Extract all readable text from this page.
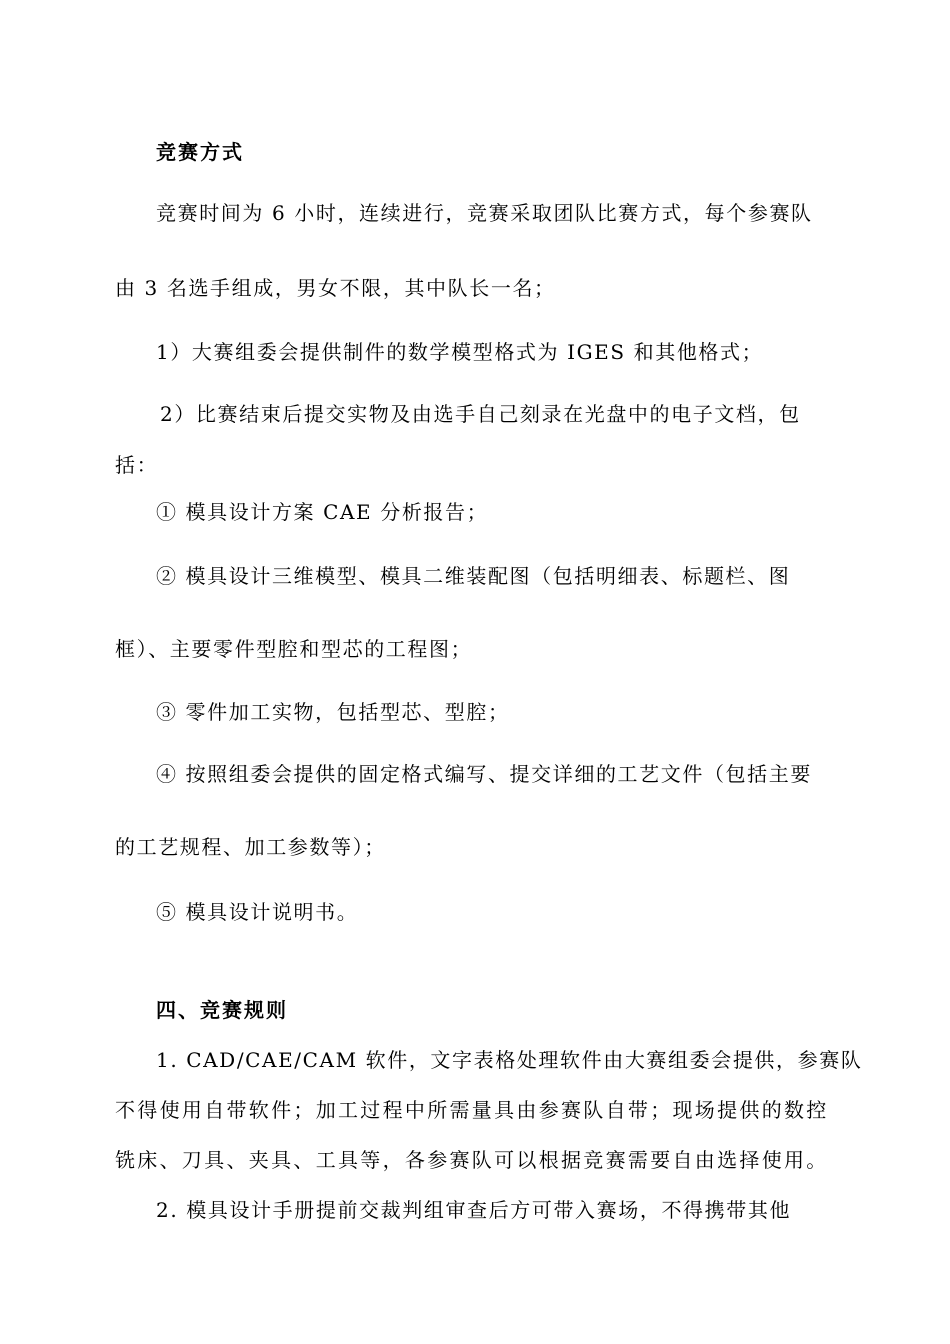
竞赛方式
竞赛时间为 6 小时，连续进行，竞赛采取团队比赛方式，每个参赛队
由 3 名选手组成，男女不限，其中队长一名；
1）大赛组委会提供制件的数学模型格式为 IGES 和其他格式；
2）比赛结束后提交实物及由选手自己刻录在光盘中的电子文档，包
括：
① 模具设计方案 CAE 分析报告；
② 模具设计三维模型、模具二维装配图（包括明细表、标题栏、图
框）、主要零件型腔和型芯的工程图；
③ 零件加工实物，包括型芯、型腔；
④ 按照组委会提供的固定格式编写、提交详细的工艺文件（包括主要
的工艺规程、加工参数等）；
⑤ 模具设计说明书。
四、竞赛规则
1. CAD/CAE/CAM 软件，文字表格处理软件由大赛组委会提供，参赛队
不得使用自带软件；加工过程中所需量具由参赛队自带；现场提供的数控
铣床、刀具、夹具、工具等，各参赛队可以根据竞赛需要自由选择使用。
2. 模具设计手册提前交裁判组审查后方可带入赛场，不得携带其他
